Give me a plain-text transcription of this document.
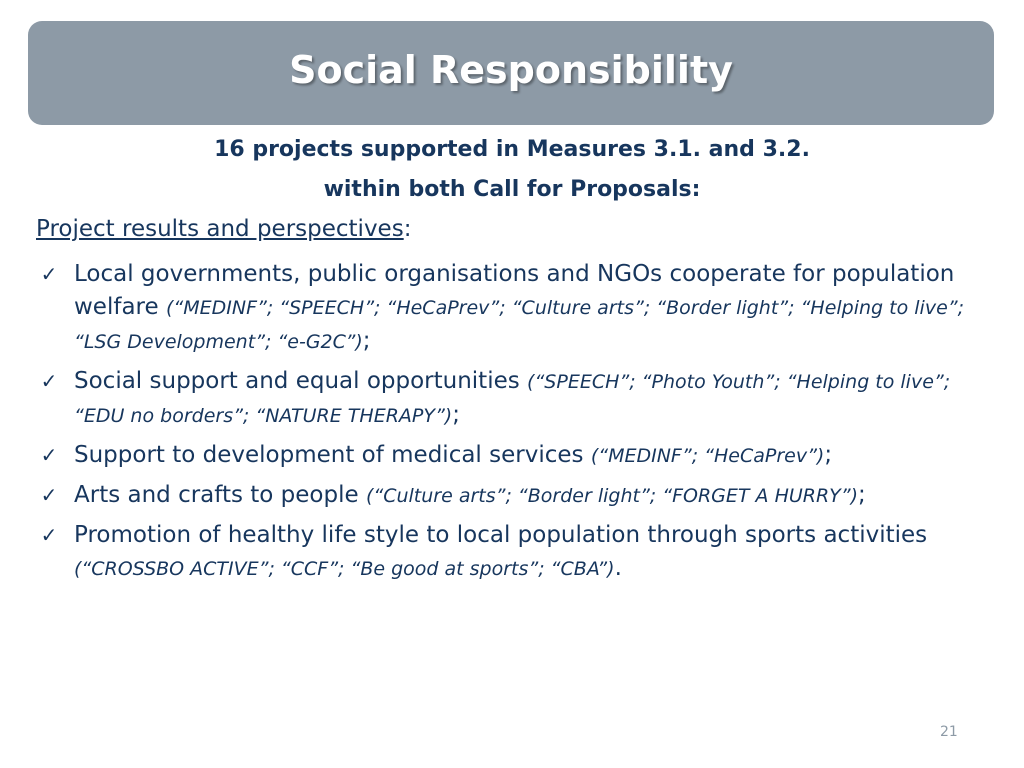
Social Responsibility
16 projects supported in Measures 3.1. and 3.2.
within both Call for Proposals:
Project results and perspectives:
✓ Local governments, public organisations and NGOs cooperate for population welfare (“MEDINF”; “SPEECH”; “HeCaPrev”; “Culture arts”; “Border light”; “Helping to live”; “LSG Development”; “e-G2C”);
✓ Social support and equal opportunities (“SPEECH”; “Photo Youth”; “Helping to live”; “EDU no borders”; “NATURE THERAPY”);
✓ Support to development of medical services (“MEDINF”; “HeCaPrev”);
✓ Arts and crafts to people (“Culture arts”; “Border light”; “FORGET A HURRY”);
✓ Promotion of healthy life style to local population through sports activities (“CROSSBO ACTIVE”; “CCF”; “Be good at sports”; “CBA”).
21
